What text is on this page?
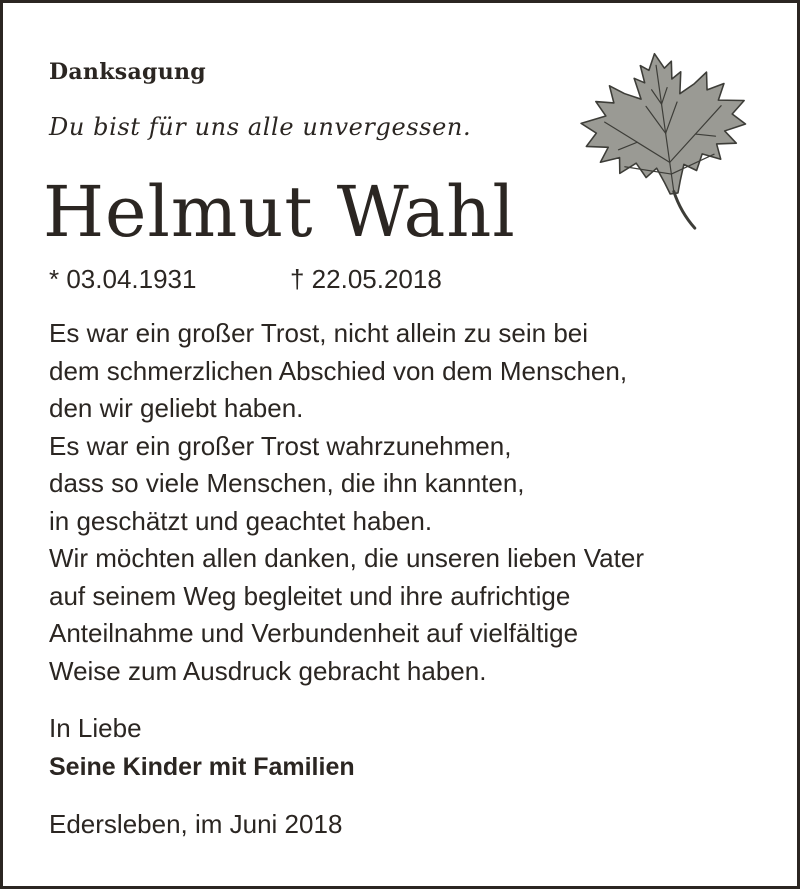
Danksagung

Du bist für uns alle unvergessen.

Helmut Wahl

* 03.04.1931	† 22.05.2018
Es war ein großer Trost, nicht allein zu sein bei
dem schmerzlichen Abschied von dem Menschen,
den wir geliebt haben.
Es war ein großer Trost wahrzunehmen,
dass so viele Menschen, die ihn kannten,
in geschätzt und geachtet haben.
Wir möchten allen danken, die unseren lieben Vater
auf seinem Weg begleitet und ihre aufrichtige
Anteilnahme und Verbundenheit auf vielfältige
Weise zum Ausdruck gebracht haben.

In Liebe

Seine Kinder mit Familien

Edersleben, im Juni 2018
